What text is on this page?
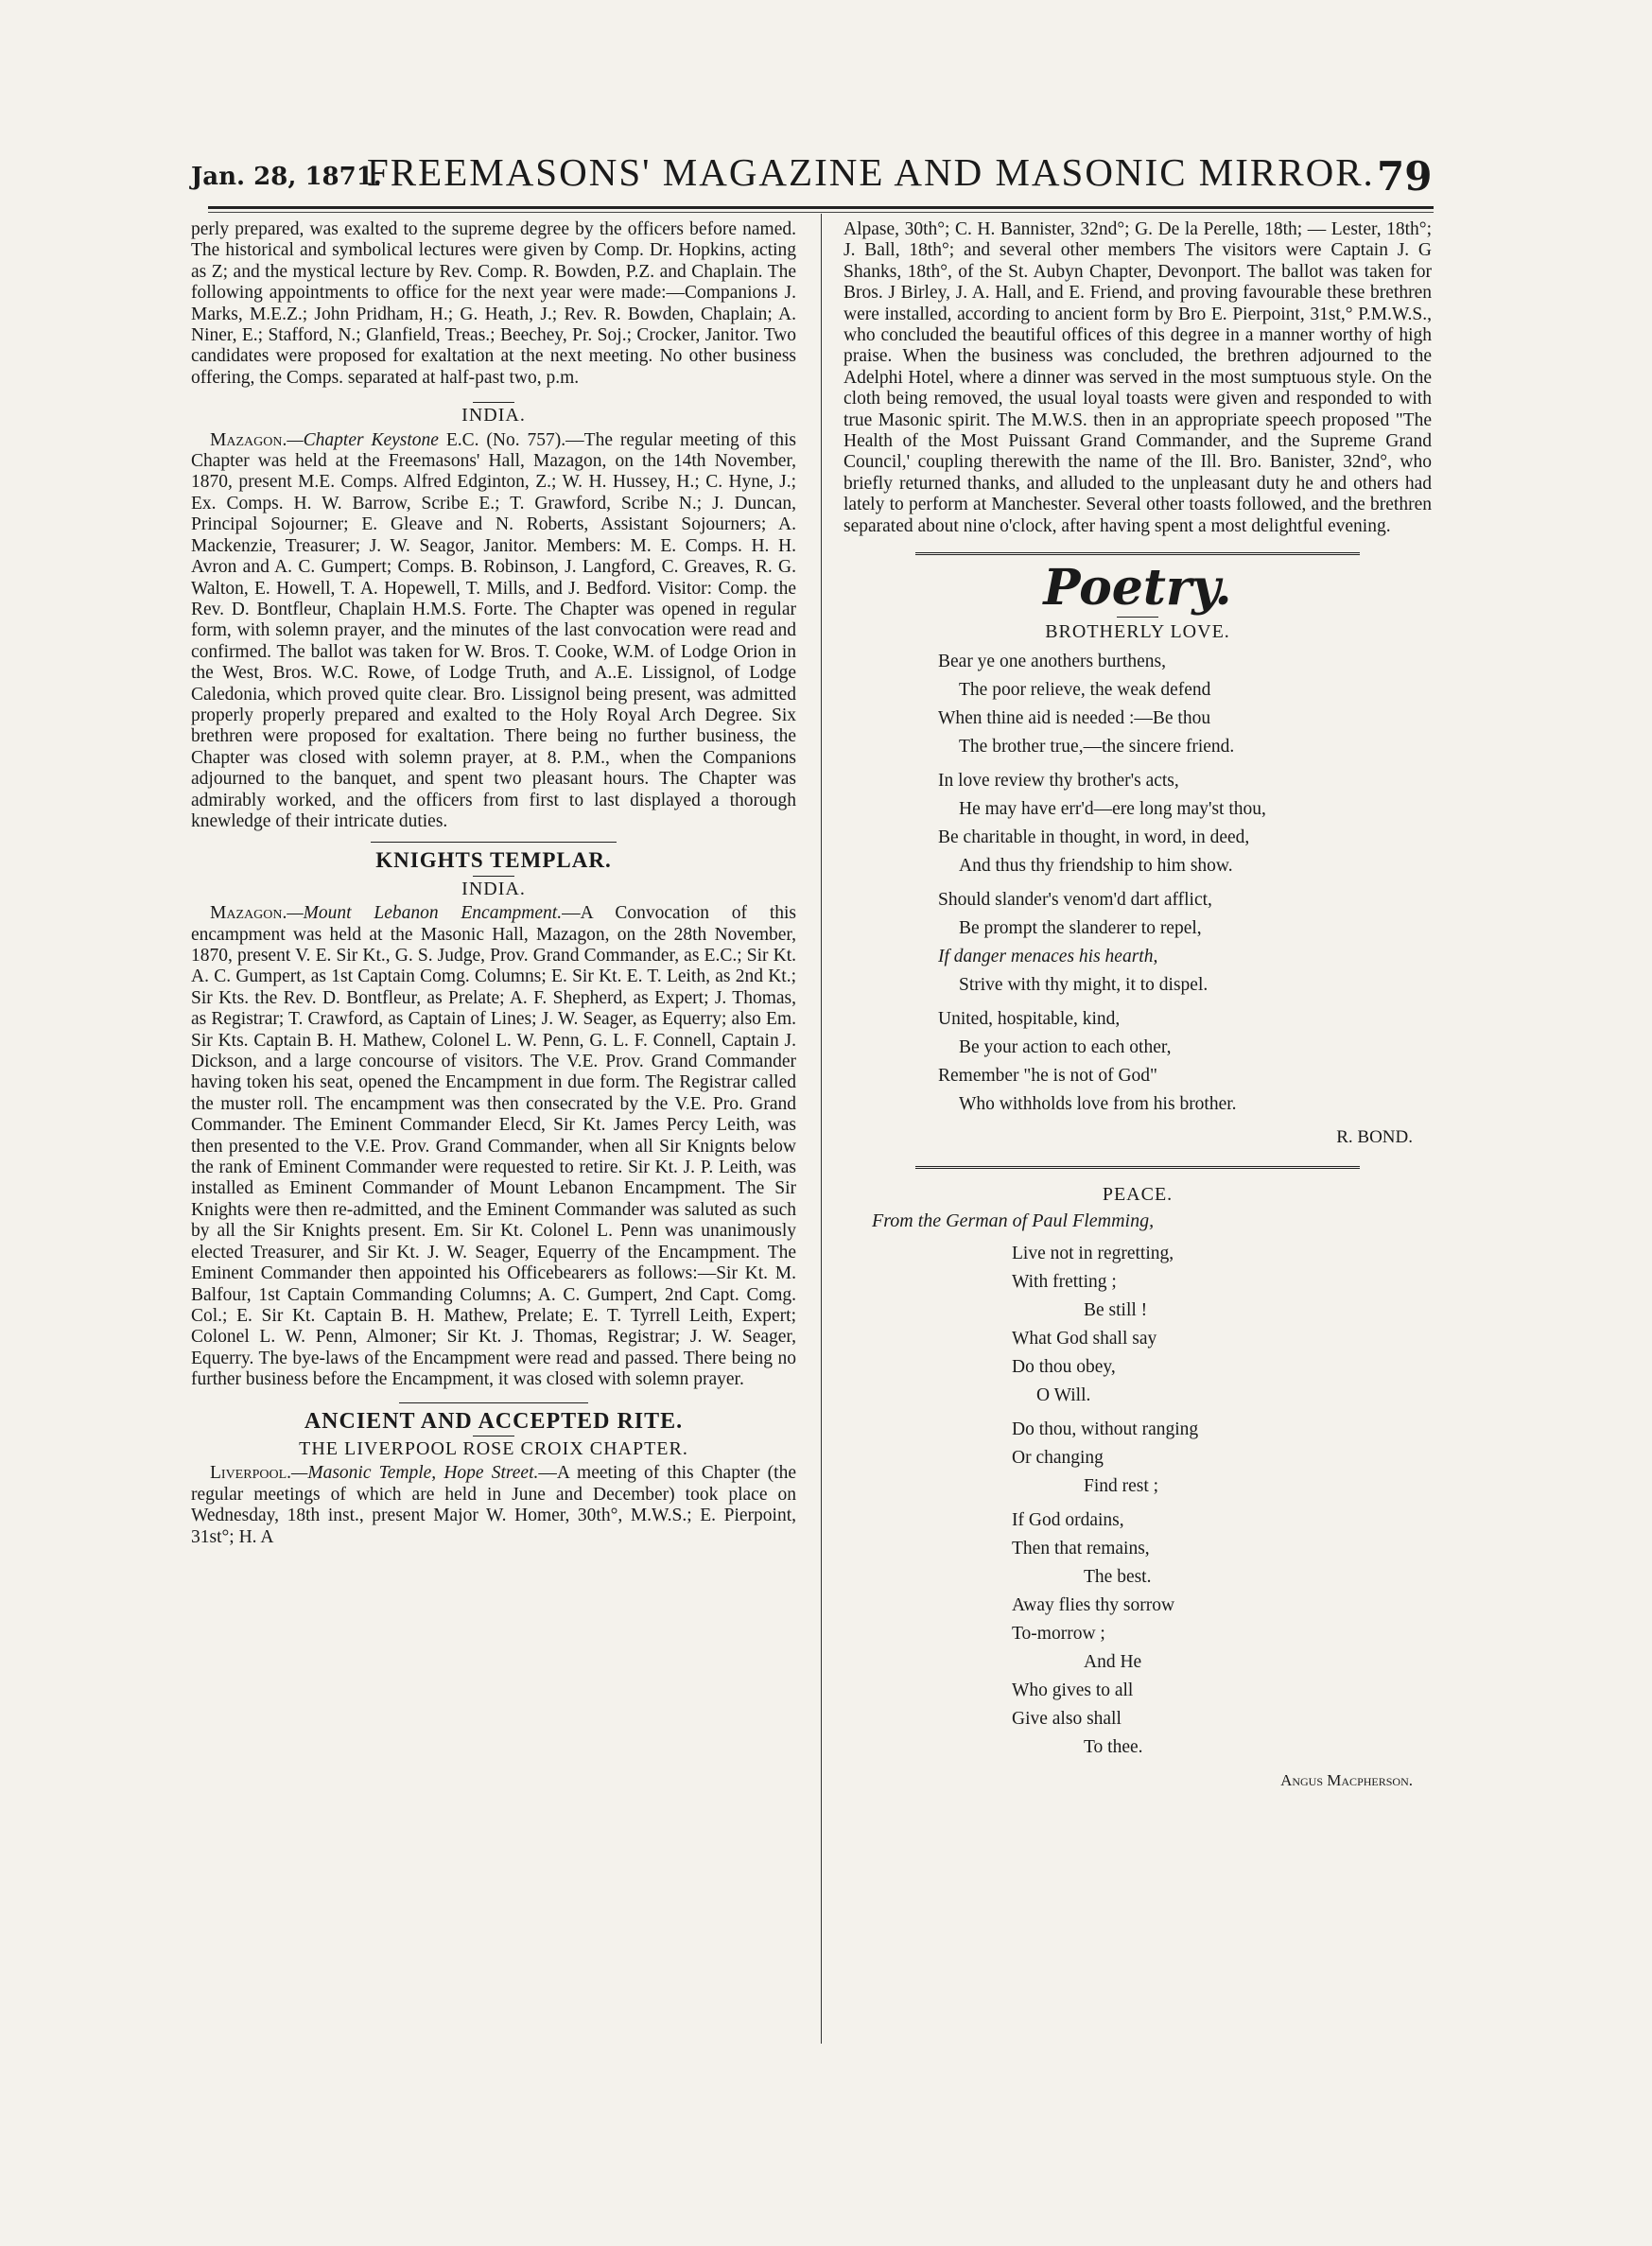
Jan. 28, 1871.
FREEMASONS' MAGAZINE AND MASONIC MIRROR. 79

perly prepared, was exalted to the supreme degree by the officers before named. The historical and symbolical lectures were given by Comp. Dr. Hopkins, acting as Z; and the mystical lecture by Rev. Comp. R. Bowden, P.Z. and Chaplain. The following appointments to office for the next year were made:—Companions J. Marks, M.E.Z.; John Pridham, H.; G. Heath, J.; Rev. R. Bowden, Chaplain; A. Niner, E.; Stafford, N.; Glanfield, Treas.; Beechey, Pr. Soj.; Crocker, Janitor. Two candidates were proposed for exaltation at the next meeting. No other business offering, the Comps. separated at half-past two, p.m.

INDIA.

Mazagon.—Chapter Keystone E.C. (No. 757).—The regular meeting of this Chapter was held at the Freemasons' Hall, Mazagon, on the 14th November, 1870, present M.E. Comps. Alfred Edginton, Z.; W. H. Hussey, H.; C. Hyne, J.; Ex. Comps. H. W. Barrow, Scribe E.; T. Grawford, Scribe N.; J. Duncan, Principal Sojourner; E. Gleave and N. Roberts, Assistant Sojourners; A. Mackenzie, Treasurer; J. W. Seagor, Janitor. Members: M. E. Comps. H. H. Avron and A. C. Gumpert; Comps. B. Robinson, J. Langford, C. Greaves, R. G. Walton, E. Howell, T. A. Hopewell, T. Mills, and J. Bedford. Visitor: Comp. the Rev. D. Bontfleur, Chaplain H.M.S. Forte. The Chapter was opened in regular form, with solemn prayer, and the minutes of the last convocation were read and confirmed. The ballot was taken for W. Bros. T. Cooke, W.M. of Lodge Orion in the West, Bros. W.C. Rowe, of Lodge Truth, and A..E. Lissignol, of Lodge Caledonia, which proved quite clear. Bro. Lissignol being present, was admitted properly properly prepared and exalted to the Holy Royal Arch Degree. Six brethren were proposed for exaltation. There being no further business, the Chapter was closed with solemn prayer, at 8. P.M., when the Companions adjourned to the banquet, and spent two pleasant hours. The Chapter was admirably worked, and the officers from first to last displayed a thorough knewledge of their intricate duties.

KNIGHTS TEMPLAR.
INDIA.

Mazagon.—Mount Lebanon Encampment.—A Convocation of this encampment was held at the Masonic Hall, Mazagon, on the 28th November, 1870, present V. E. Sir Kt., G. S. Judge, Prov. Grand Commander, as E.C.; Sir Kt. A. C. Gumpert, as 1st Captain Comg. Columns; E. Sir Kt. E. T. Leith, as 2nd Kt.; Sir Kts. the Rev. D. Bontfleur, as Prelate; A. F. Shepherd, as Expert; J. Thomas, as Registrar; T. Crawford, as Captain of Lines; J. W. Seager, as Equerry; also Em. Sir Kts. Captain B. H. Mathew, Colonel L. W. Penn, G. L. F. Connell, Captain J. Dickson, and a large concourse of visitors. The V.E. Prov. Grand Commander having token his seat, opened the Encampment in due form. The Registrar called the muster roll. The encampment was then consecrated by the V.E. Pro. Grand Commander. The Eminent Commander Elecd, Sir Kt. James Percy Leith, was then presented to the V.E. Prov. Grand Commander, when all Sir Knignts below the rank of Eminent Commander were requested to retire. Sir Kt. J. P. Leith, was installed as Eminent Commander of Mount Lebanon Encampment. The Sir Knights were then re-admitted, and the Eminent Commander was saluted as such by all the Sir Knights present. Em. Sir Kt. Colonel L. Penn was unanimously elected Treasurer, and Sir Kt. J. W. Seager, Equerry of the Encampment. The Eminent Commander then appointed his Officebearers as follows:—Sir Kt. M. Balfour, 1st Captain Commanding Columns; A. C. Gumpert, 2nd Capt. Comg. Col.; E. Sir Kt. Captain B. H. Mathew, Prelate; E. T. Tyrrell Leith, Expert; Colonel L. W. Penn, Almoner; Sir Kt. J. Thomas, Registrar; J. W. Seager, Equerry. The bye-laws of the Encampment were read and passed. There being no further business before the Encampment, it was closed with solemn prayer.

ANCIENT AND ACCEPTED RITE.
THE LIVERPOOL ROSE CROIX CHAPTER.

Liverpool.—Masonic Temple, Hope Street.—A meeting of this Chapter (the regular meetings of which are held in June and December) took place on Wednesday, 18th inst., present Major W. Homer, 30th°, M.W.S.; E. Pierpoint, 31st°; H. A

Alpase, 30th°; C. H. Bannister, 32nd°; G. De la Perelle, 18th; — Lester, 18th°; J. Ball, 18th°; and several other members The visitors were Captain J. G Shanks, 18th°, of the St. Aubyn Chapter, Devonport. The ballot was taken for Bros. J Birley, J. A. Hall, and E. Friend, and proving favourable these brethren were installed, according to ancient form by Bro E. Pierpoint, 31st,° P.M.W.S., who concluded the beautiful offices of this degree in a manner worthy of high praise. When the business was concluded, the brethren adjourned to the Adelphi Hotel, where a dinner was served in the most sumptuous style. On the cloth being removed, the usual loyal toasts were given and responded to with true Masonic spirit. The M.W.S. then in an appropriate speech proposed "The Health of the Most Puissant Grand Commander, and the Supreme Grand Council,' coupling therewith the name of the Ill. Bro. Banister, 32nd°, who briefly returned thanks, and alluded to the unpleasant duty he and others had lately to perform at Manchester. Several other toasts followed, and the brethren separated about nine o'clock, after having spent a most delightful evening.

Poetry.
BROTHERLY LOVE.
Bear ye one anothers burthens,
The poor relieve, the weak defend
When thine aid is needed :—Be thou
The brother true,—the sincere friend.
In love review thy brother's acts,
He may have err'd—ere long may'st thou,
Be charitable in thought, in word, in deed,
And thus thy friendship to him show.
Should slander's venom'd dart afflict,
Be prompt the slanderer to repel,
If danger menaces his hearth,
Strive with thy might, it to dispel.
United, hospitable, kind,
Be your action to each other,
Remember "he is not of God"
Who withholds love from his brother.
R. BOND.
PEACE.
From the German of Paul Flemming,
Live not in regretting,
With fretting ;
Be still !
What God shall say
Do thou obey,
O Will.
Do thou, without ranging
Or changing
Find rest ;
If God ordains,
Then that remains,
The best.
Away flies thy sorrow
To-morrow ;
And He
Who gives to all
Give also shall
To thee.
Angus Macpherson.
